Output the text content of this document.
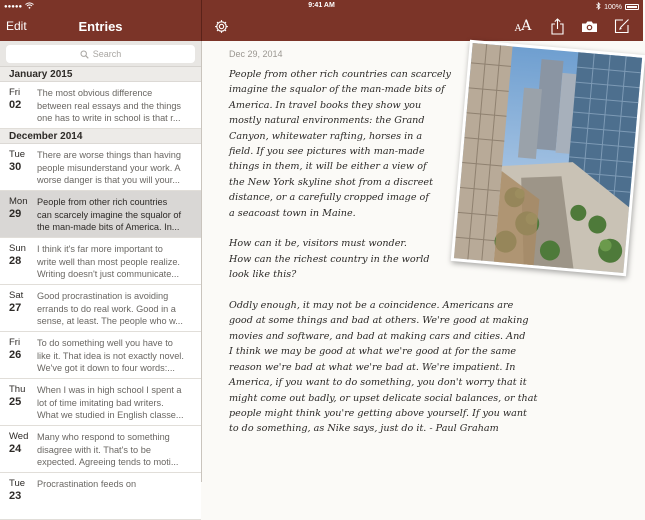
●●●●●	9:41 AM	100%
Edit	Entries	A A
Search
January 2015
Fri
02
The most obvious difference
between real essays and the things
one has to write in school is that r...
December 2014
Tue
30
There are worse things than having
people misunderstand your work. A
worse danger is that you will your...
Mon
29
People from other rich countries
can scarcely imagine the squalor of
the man-made bits of America. In...
Sun
28
I think it's far more important to
write well than most people realize.
Writing doesn't just communicate...
Sat
27
Good procrastination is avoiding
errands to do real work. Good in a
sense, at least. The people who w...
Fri
26
To do something well you have to
like it. That idea is not exactly novel.
We've got it down to four words:...
Thu
25
When I was in high school I spent a
lot of time imitating bad writers.
What we studied in English classe...
Wed
24
Many who respond to something
disagree with it. That's to be
expected. Agreeing tends to moti...
Tue
23
Procrastination feeds on
Dec 29, 2014
People from other rich countries can scarcely
imagine the squalor of the man-made bits of
America. In travel books they show you
mostly natural environments: the Grand
Canyon, whitewater rafting, horses in a
field. If you see pictures with man-made
things in them, it will be either a view of
the New York skyline shot from a discreet
distance, or a carefully cropped image of
a seacoast town in Maine.
How can it be, visitors must wonder.
How can the richest country in the world
look like this?
Oddly enough, it may not be a coincidence. Americans are
good at some things and bad at others. We're good at making
movies and software, and bad at making cars and cities. And
I think we may be good at what we're good at for the same
reason we're bad at what we're bad at. We're impatient. In
America, if you want to do something, you don't worry that it
might come out badly, or upset delicate social balances, or that
people might think you're getting above yourself. If you want
to do something, as Nike says, just do it. - Paul Graham
